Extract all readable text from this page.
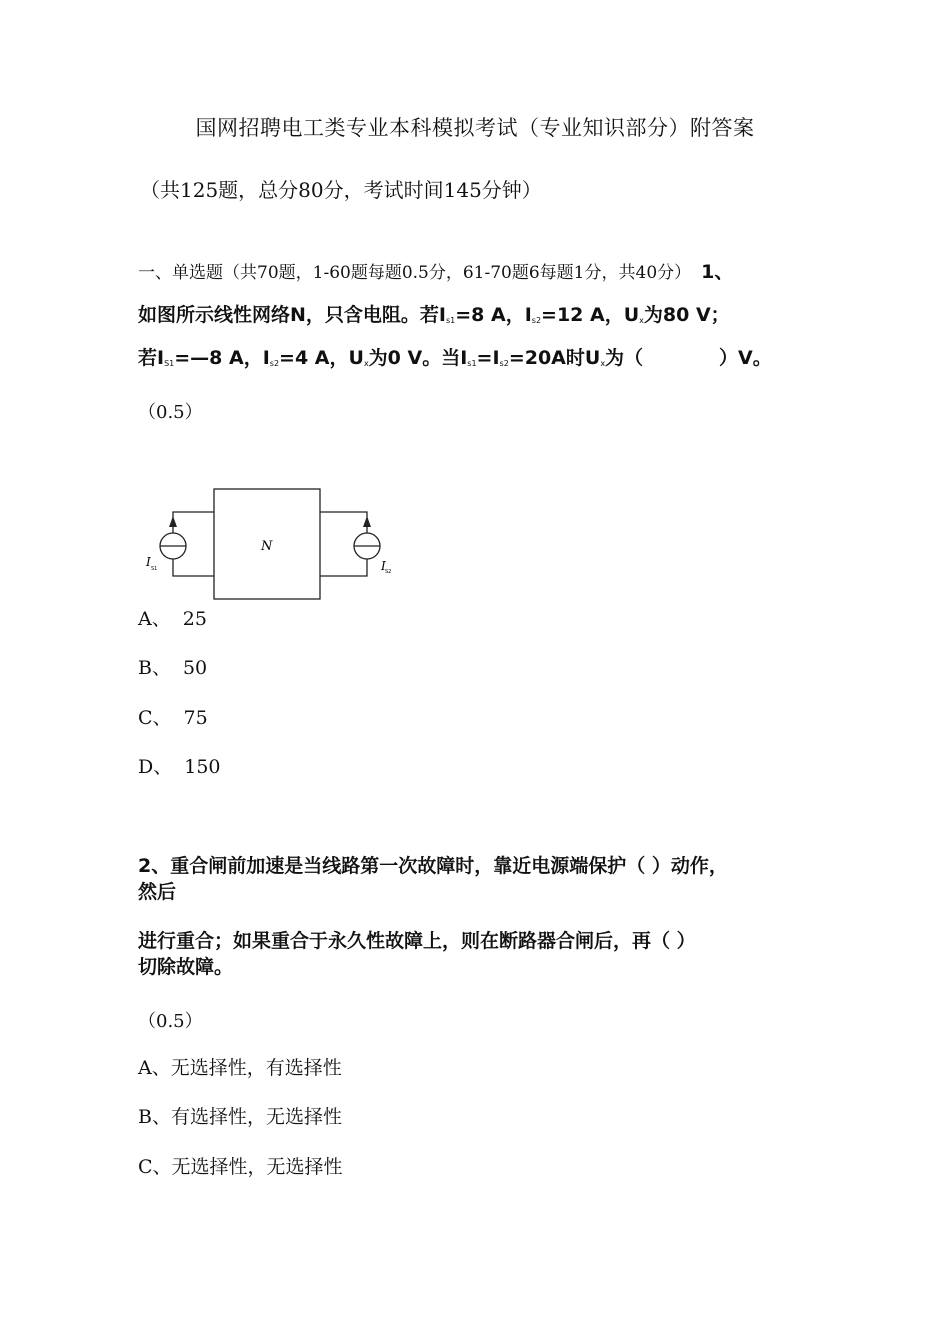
国网招聘电工类专业本科模拟考试（专业知识部分）附答案
（共125题，总分80分，考试时间145分钟）
一、单选题（共70题，1-60题每题0.5分，61-70题6每题1分，共40分） 1、
如图所示线性网络N，只含电阻。若$I_{s1}=8$ A，$I_{s2}=12$ A，$U_x$为80 V；
若$I_{S1}=—8$ A，$I_{s2}=4$ A，$U_x$为0 V。当$I_{s1}=I_{s2}=20A$时$U_x$为（　　　　）V。
（0.5）
N
I S1	I S2
A、 25
B、 50
C、 75
D、 150
2、重合闸前加速是当线路第一次故障时，靠近电源端保护（ ）动作，
然后
进行重合；如果重合于永久性故障上，则在断路器合闸后，再（ ）
切除故障。
（0.5）
A、无选择性，有选择性
B、有选择性，无选择性
C、无选择性，无选择性
